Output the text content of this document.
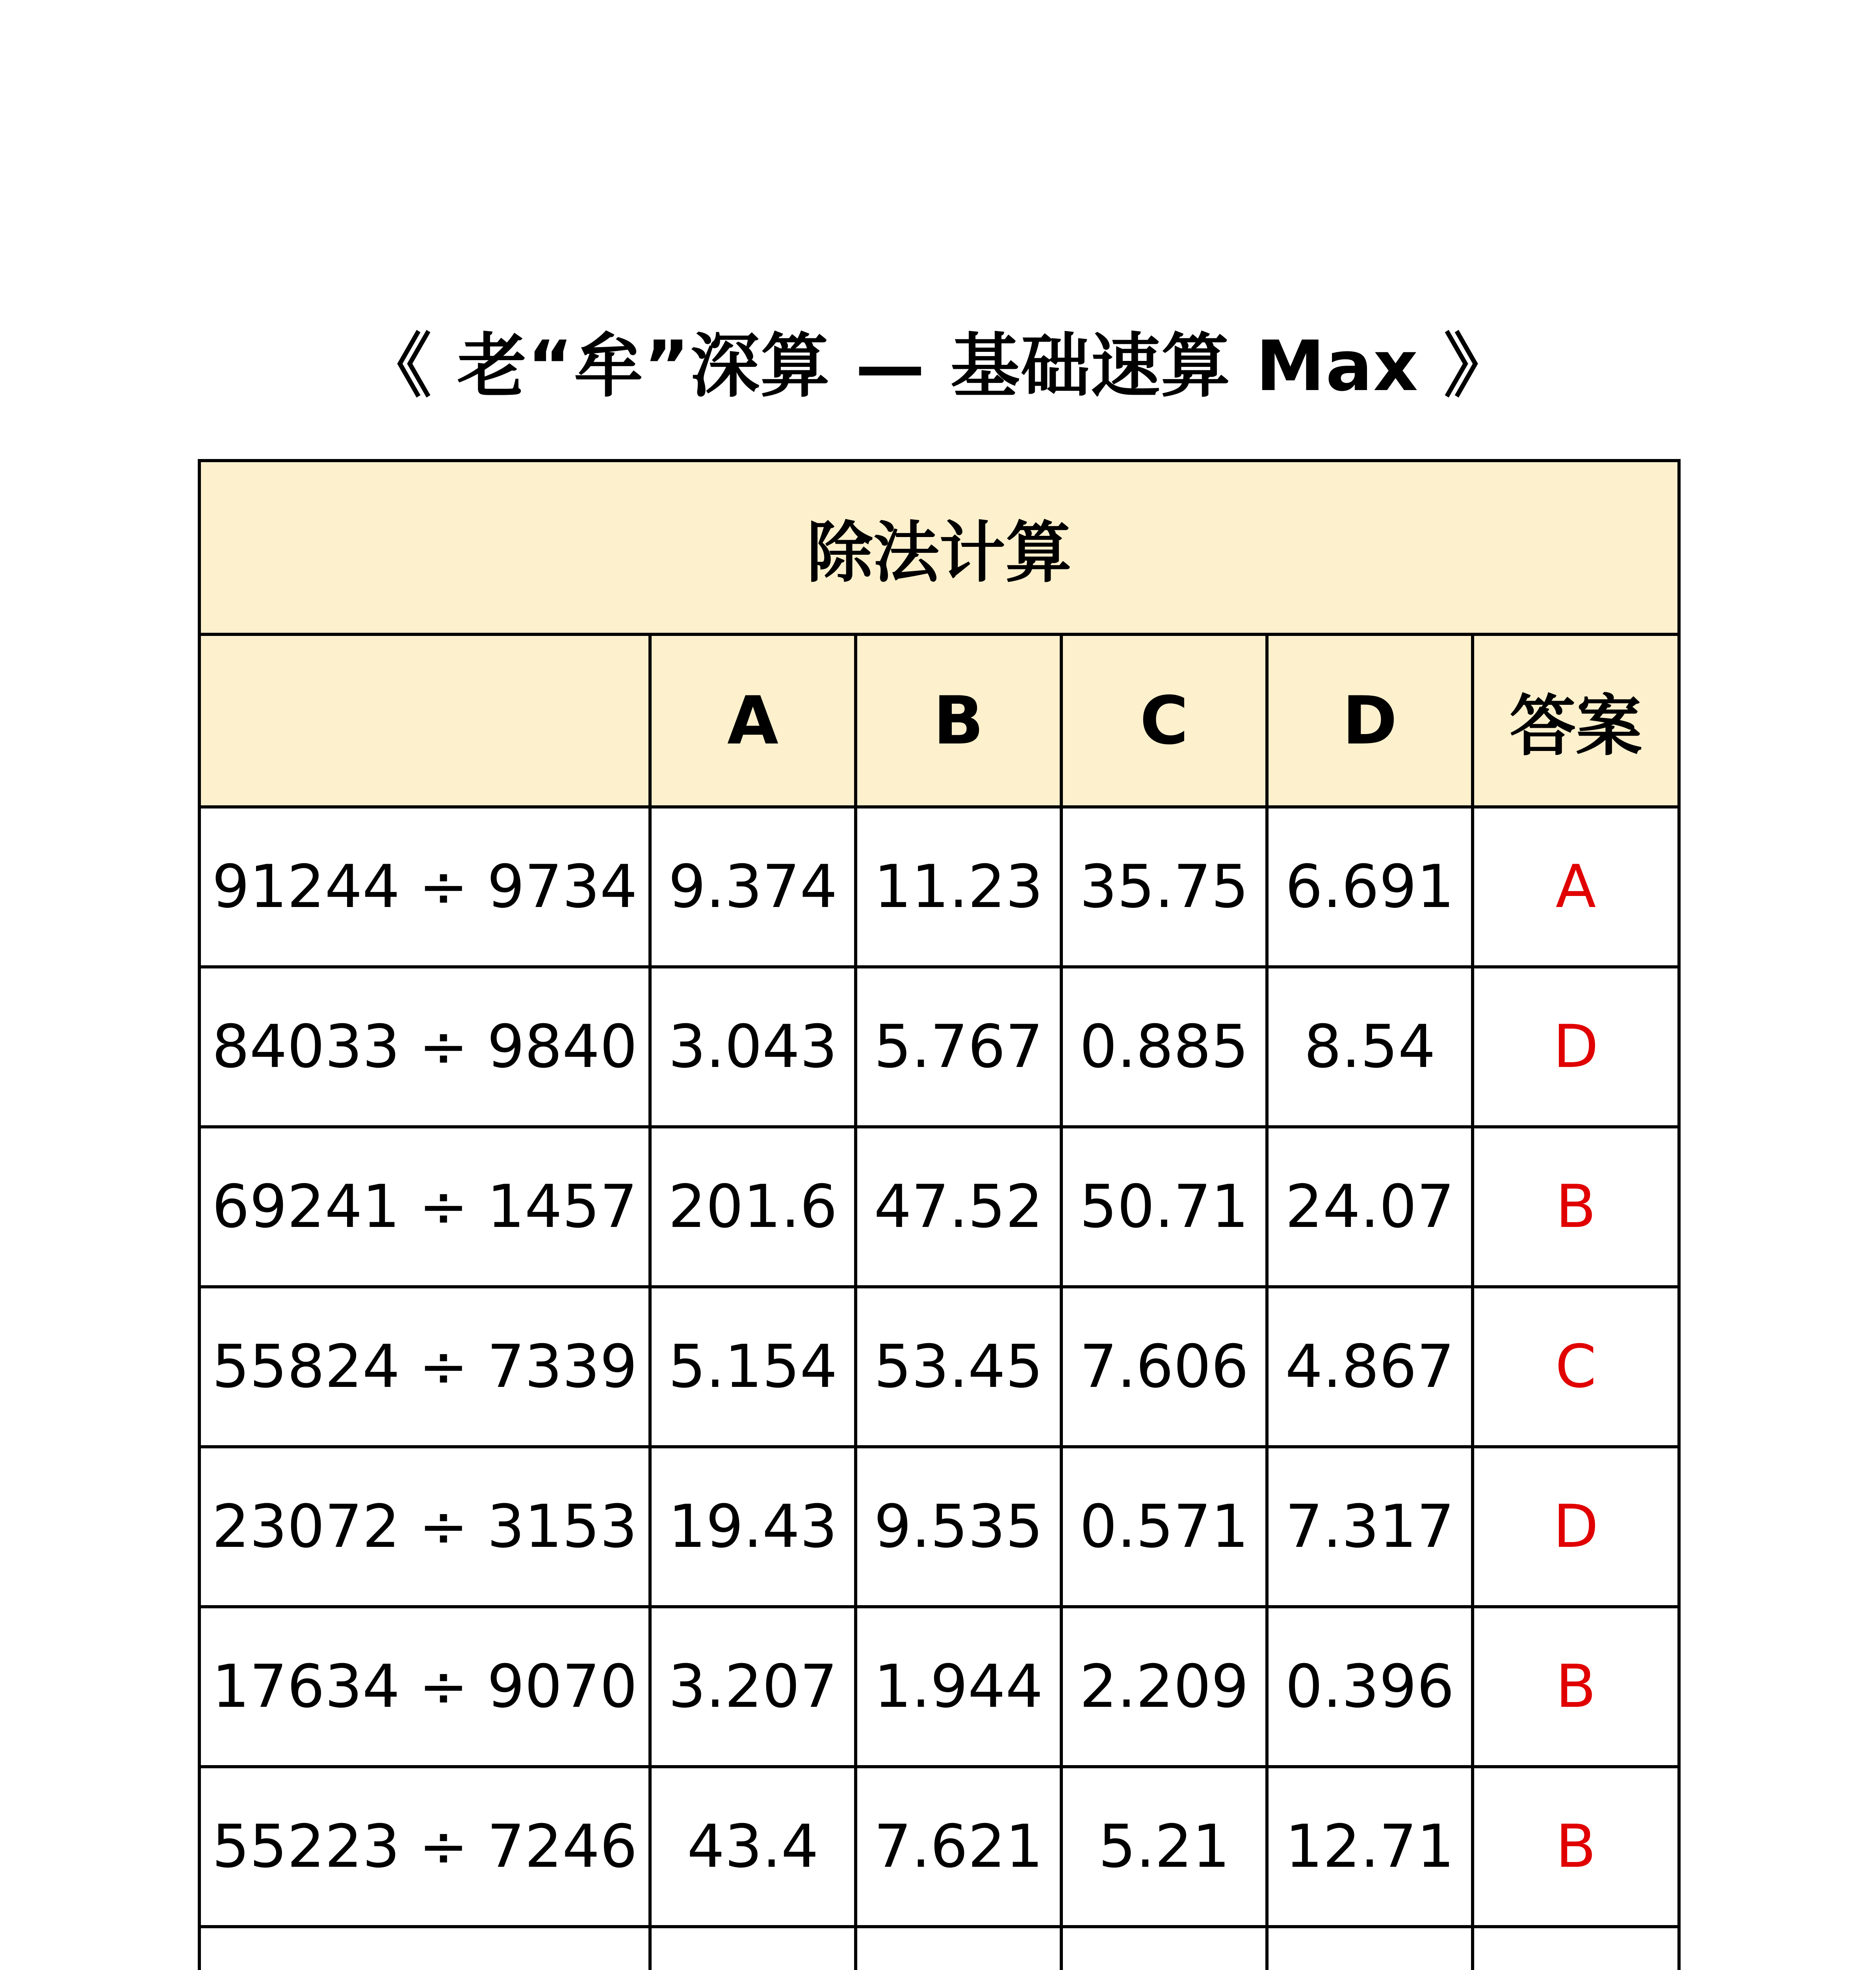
《 老“牟”深算 — 基础速算 Max 》
除法计算					
	A	B	C	D	答案
91244 ÷ 9734	9.374	11.23	35.75	6.691	A
84033 ÷ 9840	3.043	5.767	0.885	8.54	D
69241 ÷ 1457	201.6	47.52	50.71	24.07	B
55824 ÷ 7339	5.154	53.45	7.606	4.867	C
23072 ÷ 3153	19.43	9.535	0.571	7.317	D
17634 ÷ 9070	3.207	1.944	2.209	0.396	B
55223 ÷ 7246	43.4	7.621	5.21	12.71	B
